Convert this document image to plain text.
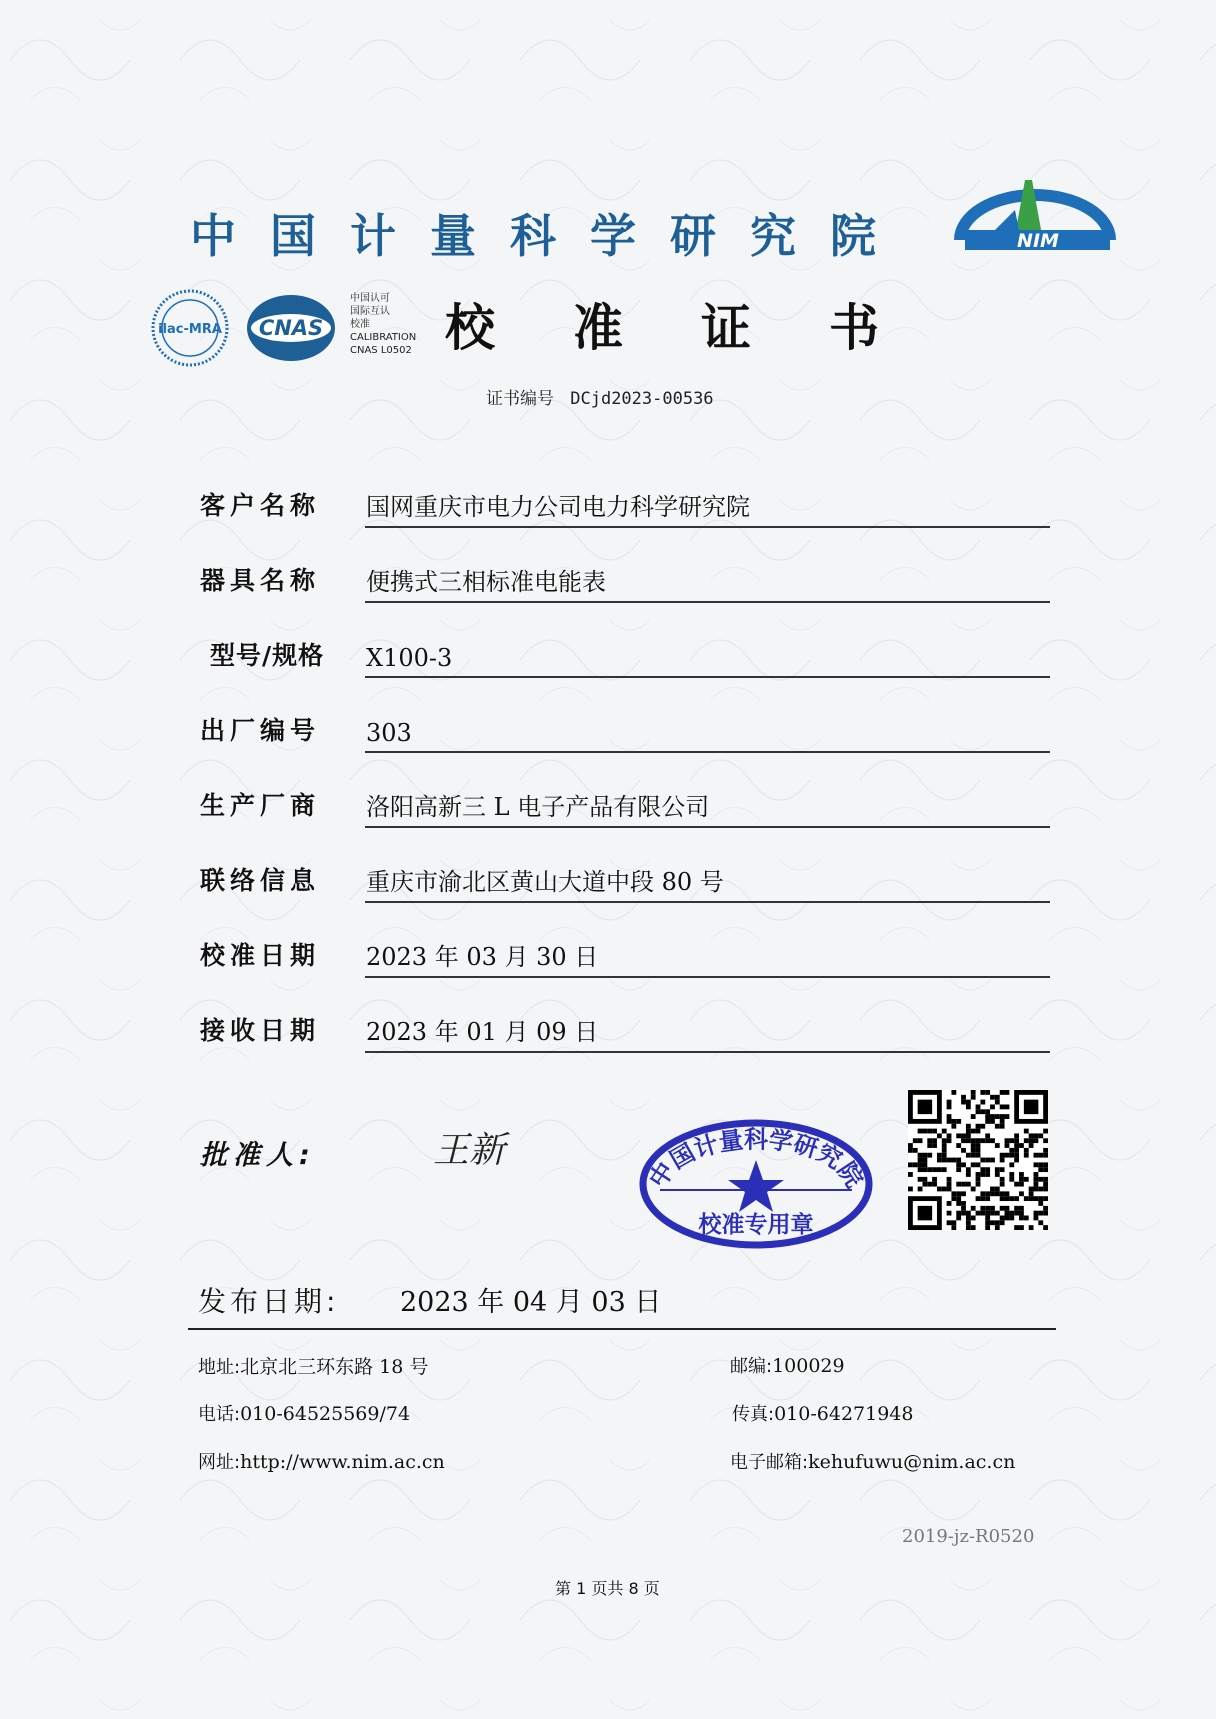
中国计量科学研究院	NIM
ilac-MRA CNAS
中国认可
国际互认
校准
CALIBRATION
CNAS L0502 校准证书
证书编号 DCjd2023-00536
客户名称	国网重庆市电力公司电力科学研究院
器具名称	便携式三相标准电能表
型号/规格	X100-3
出厂编号	303
生产厂商	洛阳高新三 L 电子产品有限公司
联络信息	重庆市渝北区黄山大道中段 80 号
校准日期	2023 年 03 月 30 日
接收日期	2023 年 01 月 09 日
批准人:	王新
中国计量科学研究院
校准专用章
发布日期: 2023 年 04 月 03 日
地址:北京北三环东路 18 号	邮编:100029
电话:010-64525569/74	传真:010-64271948
网址:http://www.nim.ac.cn	电子邮箱:kehufuwu@nim.ac.cn
2019-jz-R0520
第 1 页共 8 页
